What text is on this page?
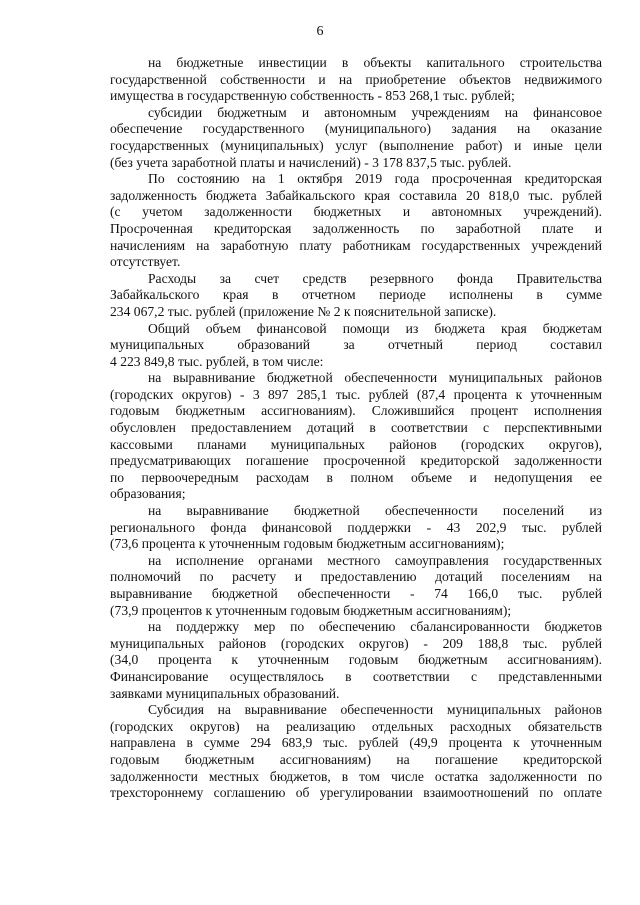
6
на бюджетные инвестиции в объекты капитального строительства
государственной собственности и на приобретение объектов недвижимого
имущества в государственную собственность - 853 268,1 тыс. рублей;
субсидии бюджетным и автономным учреждениям на финансовое
обеспечение государственного (муниципального) задания на оказание
государственных (муниципальных) услуг (выполнение работ) и иные цели
(без учета заработной платы и начислений) - 3 178 837,5 тыс. рублей.
По состоянию на 1 октября 2019 года просроченная кредиторская
задолженность бюджета Забайкальского края составила 20 818,0 тыс. рублей
(с учетом задолженности бюджетных и автономных учреждений).
Просроченная кредиторская задолженность по заработной плате и
начислениям на заработную плату работникам государственных учреждений
отсутствует.
Расходы за счет средств резервного фонда Правительства
Забайкальского края в отчетном периоде исполнены в сумме
234 067,2 тыс. рублей (приложение № 2 к пояснительной записке).
Общий объем финансовой помощи из бюджета края бюджетам
муниципальных образований за отчетный период составил
4 223 849,8 тыс. рублей, в том числе:
на выравнивание бюджетной обеспеченности муниципальных районов
(городских округов) - 3 897 285,1 тыс. рублей (87,4 процента к уточненным
годовым бюджетным ассигнованиям). Сложившийся процент исполнения
обусловлен предоставлением дотаций в соответствии с перспективными
кассовыми планами муниципальных районов (городских округов),
предусматривающих погашение просроченной кредиторской задолженности
по первоочередным расходам в полном объеме и недопущения ее
образования;
на выравнивание бюджетной обеспеченности поселений из
регионального фонда финансовой поддержки - 43 202,9 тыс. рублей
(73,6 процента к уточненным годовым бюджетным ассигнованиям);
на исполнение органами местного самоуправления государственных
полномочий по расчету и предоставлению дотаций поселениям на
выравнивание бюджетной обеспеченности - 74 166,0 тыс. рублей
(73,9 процентов к уточненным годовым бюджетным ассигнованиям);
на поддержку мер по обеспечению сбалансированности бюджетов
муниципальных районов (городских округов) - 209 188,8 тыс. рублей
(34,0 процента к уточненным годовым бюджетным ассигнованиям).
Финансирование осуществлялось в соответствии с представленными
заявками муниципальных образований.
Субсидия на выравнивание обеспеченности муниципальных районов
(городских округов) на реализацию отдельных расходных обязательств
направлена в сумме 294 683,9 тыс. рублей (49,9 процента к уточненным
годовым бюджетным ассигнованиям) на погашение кредиторской
задолженности местных бюджетов, в том числе остатка задолженности по
трехстороннему соглашению об урегулировании взаимоотношений по оплате
